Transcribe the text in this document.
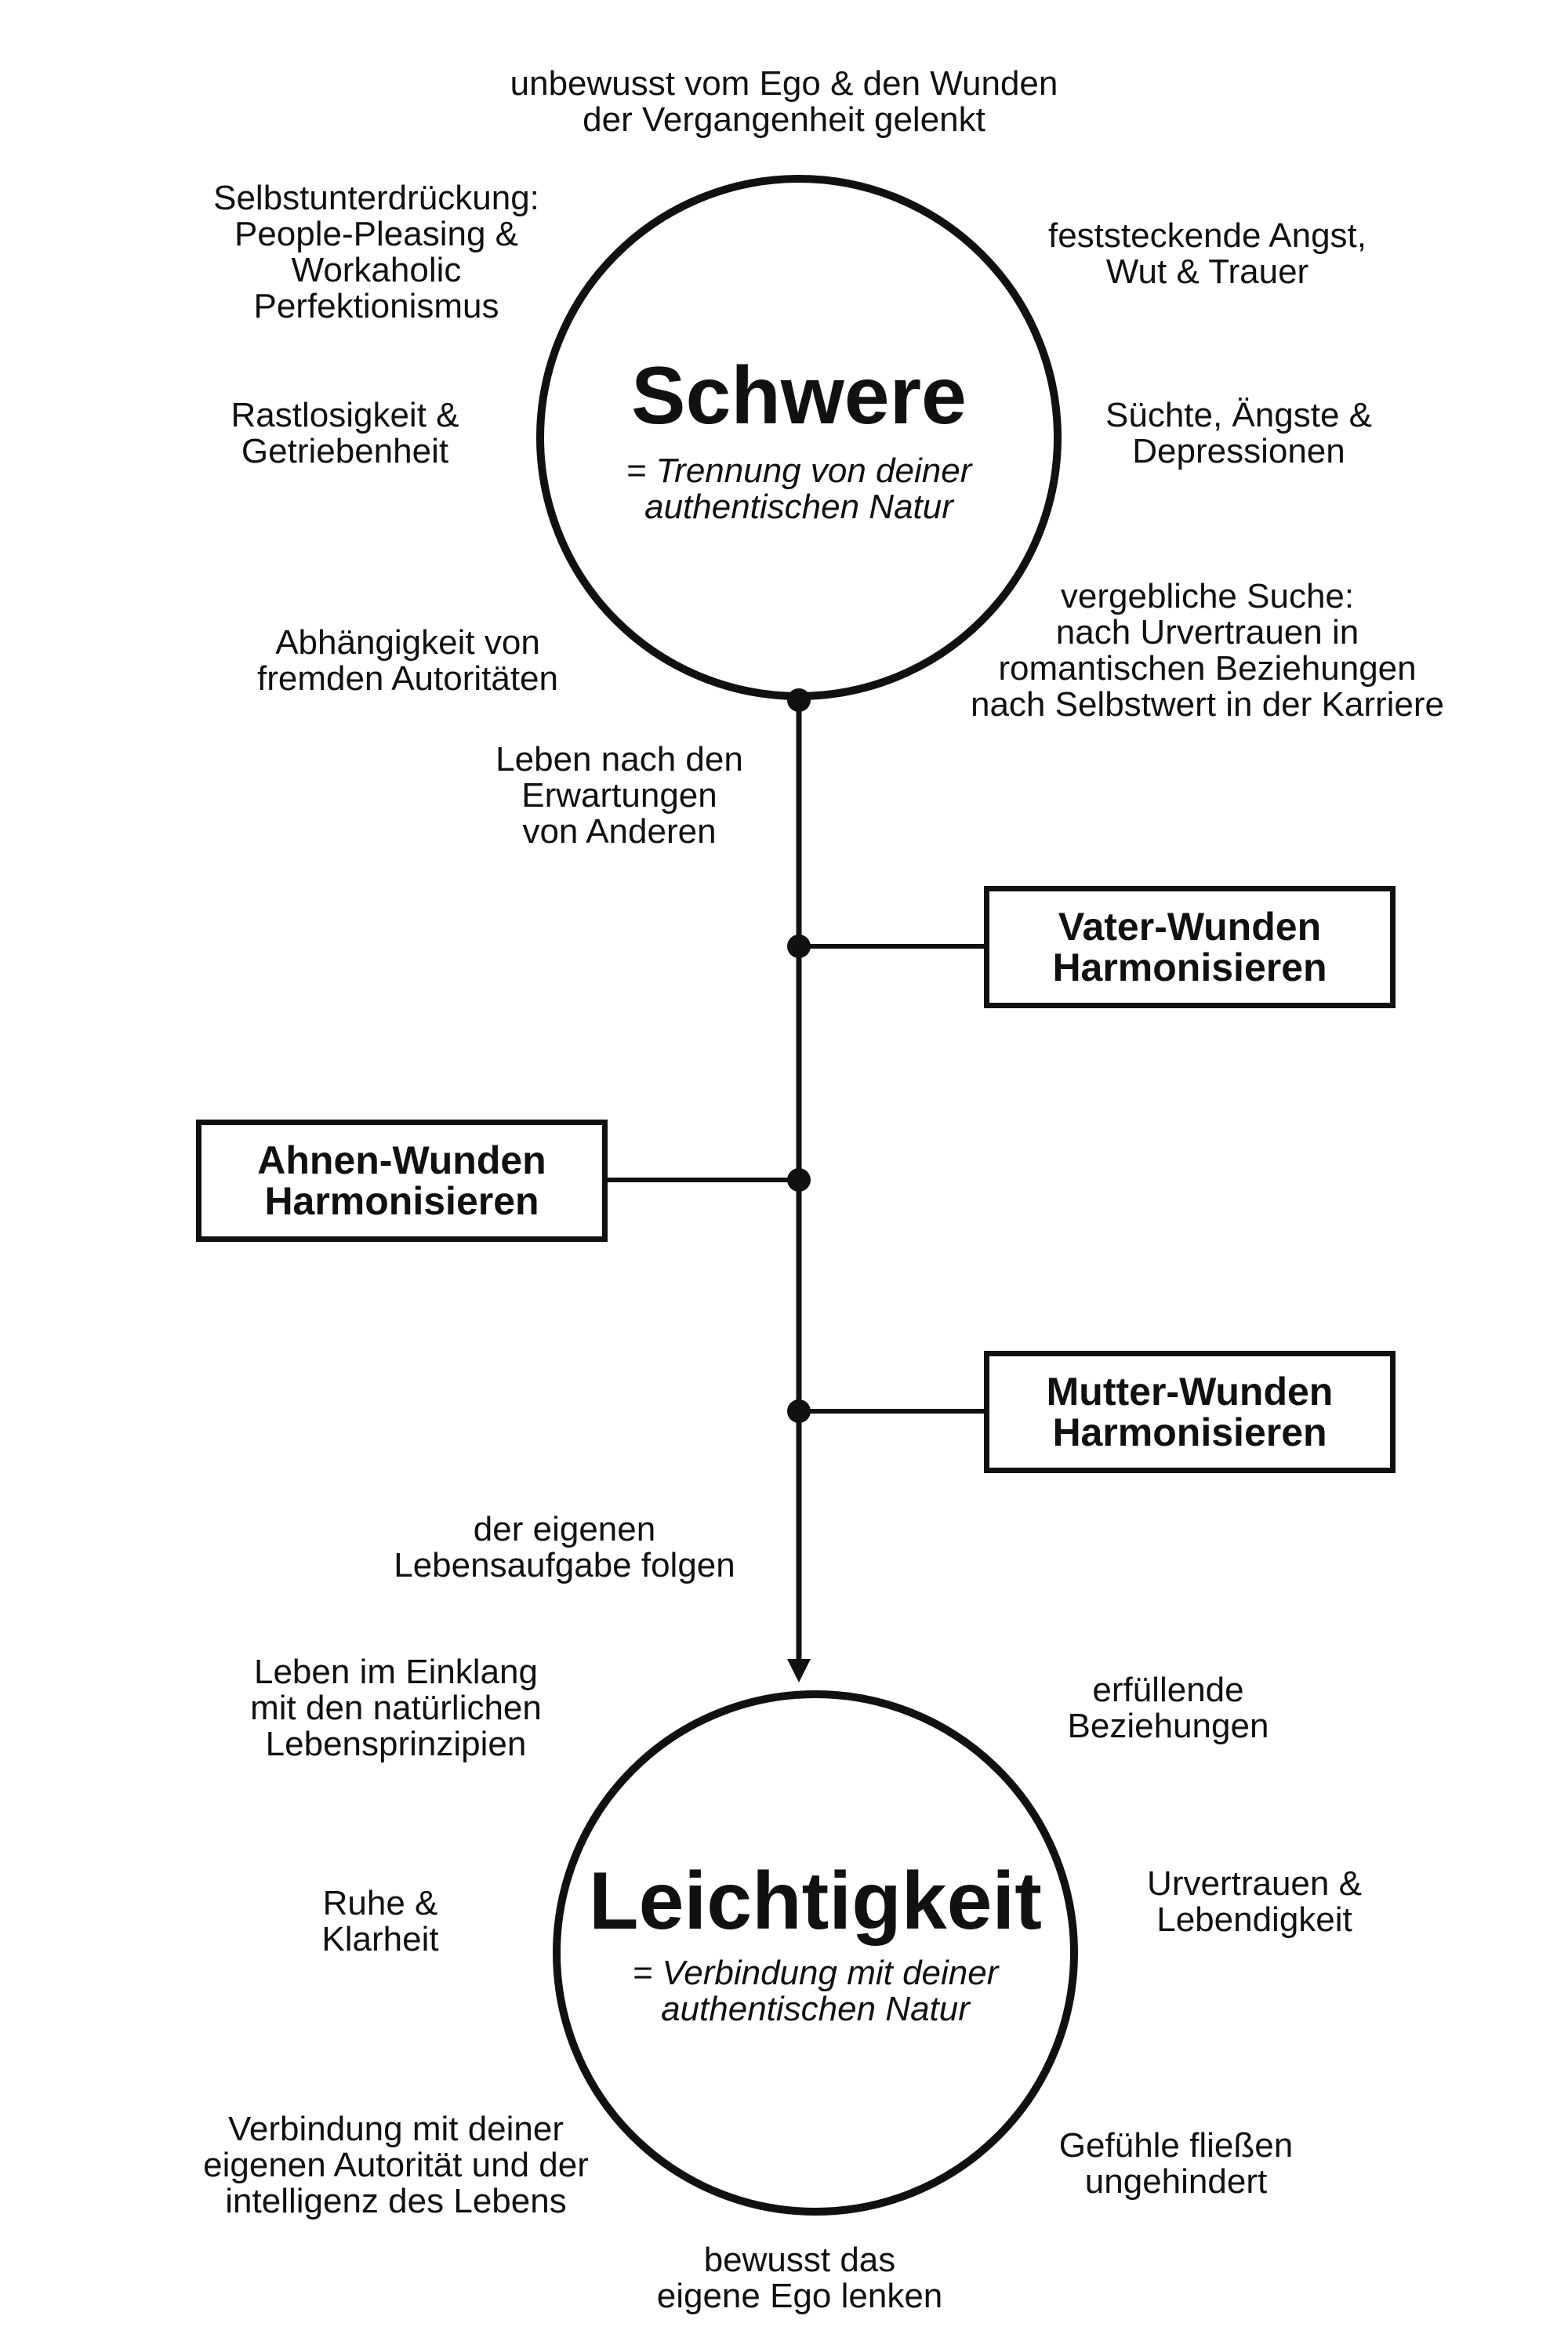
Schwere
= Trennung von deiner
authentischen Natur
unbewusst vom Ego & den Wunden
der Vergangenheit gelenkt
Selbstunterdrückung:
People-Pleasing &
Workaholic
Perfektionismus
feststeckende Angst,
Wut & Trauer
Rastlosigkeit &
Getriebenheit
Süchte, Ängste &
Depressionen
Abhängigkeit von
fremden Autoritäten
vergebliche Suche:
nach Urvertrauen in
romantischen Beziehungen
nach Selbstwert in der Karriere
Leben nach den
Erwartungen
von Anderen
Vater-Wunden
Harmonisieren
Ahnen-Wunden
Harmonisieren
Mutter-Wunden
Harmonisieren
der eigenen
Lebensaufgabe folgen
Leben im Einklang
mit den natürlichen
Lebensprinzipien
erfüllende
Beziehungen
Ruhe &
Klarheit
Urvertrauen &
Lebendigkeit
Verbindung mit deiner
eigenen Autorität und der
intelligenz des Lebens
Gefühle fließen
ungehindert
bewusst das
eigene Ego lenken
Leichtigkeit
= Verbindung mit deiner
authentischen Natur
